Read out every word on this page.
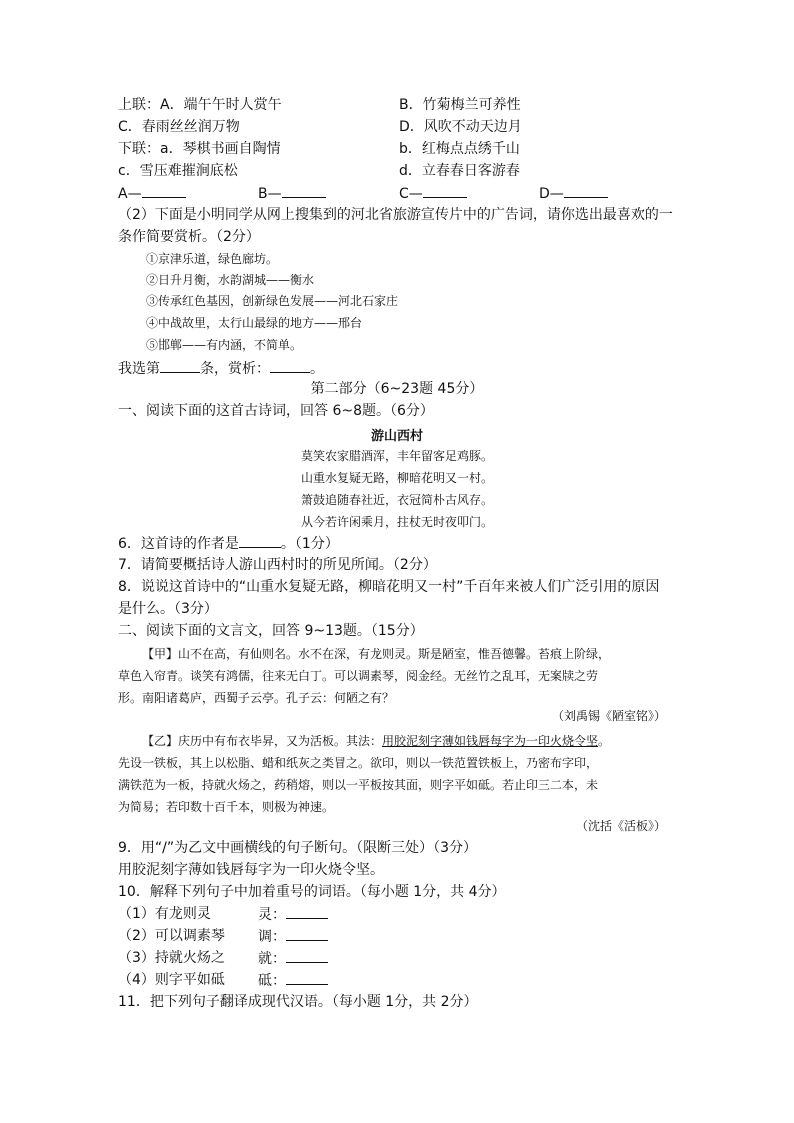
上联：A．端午午时人赏午	B．竹菊梅兰可养性
C．春雨丝丝润万物	D．风吹不动天边月
下联：a．琴棋书画自陶情	b．红梅点点绣千山
c．雪压难摧涧底松	d．立春春日客游春
A—	B—	C—	D—
（2）下面是小明同学从网上搜集到的河北省旅游宣传片中的广告词，请你选出最喜欢的一
条作简要赏析。（2分）
①京津乐道，绿色廊坊。
②日升月衡，水韵湖城——衡水
③传承红色基因，创新绿色发展——河北石家庄
④中战故里，太行山最绿的地方——邢台
⑤邯郸——有内涵，不简单。
我选第	条，赏析：	。
第二部分（6~23题 45分）
一、阅读下面的这首古诗词，回答 6~8题。（6分）
游山西村
莫笑农家腊酒浑，丰年留客足鸡豚。
山重水复疑无路，柳暗花明又一村。
箫鼓追随春社近，衣冠简朴古风存。
从今若许闲乘月，拄杖无时夜叩门。
6．这首诗的作者是	。（1分）
7．请简要概括诗人游山西村时的所见所闻。（2分）
8．说说这首诗中的“山重水复疑无路，柳暗花明又一村”千百年来被人们广泛引用的原因
是什么。（3分）
二、阅读下面的文言文，回答 9~13题。（15分）
【甲】山不在高，有仙则名。水不在深，有龙则灵。斯是陋室，惟吾德馨。苔痕上阶绿，
草色入帘青。谈笑有鸿儒，往来无白丁。可以调素琴，阅金经。无丝竹之乱耳，无案牍之劳
形。南阳诸葛庐，西蜀子云亭。孔子云：何陋之有？
（刘禹锡《陋室铭》）
【乙】庆历中有布衣毕昇，又为活板。其法：用胶泥刻字薄如钱唇每字为一印火烧令坚。
先设一铁板，其上以松脂、蜡和纸灰之类冒之。欲印，则以一铁范置铁板上，乃密布字印，
满铁范为一板，持就火炀之，药稍熔，则以一平板按其面，则字平如砥。若止印三二本，未
为简易；若印数十百千本，则极为神速。
（沈括《活板》）
9．用“/”为乙文中画横线的句子断句。（限断三处）（3分）
用胶泥刻字薄如钱唇每字为一印火烧令坚。
10．解释下列句子中加着重号的词语。（每小题 1分，共 4分）
（1）有龙则灵	灵：
（2）可以调素琴 调：
（3）持就火炀之 就：
（4）则字平如砥 砥：
11．把下列句子翻译成现代汉语。（每小题 1分，共 2分）
